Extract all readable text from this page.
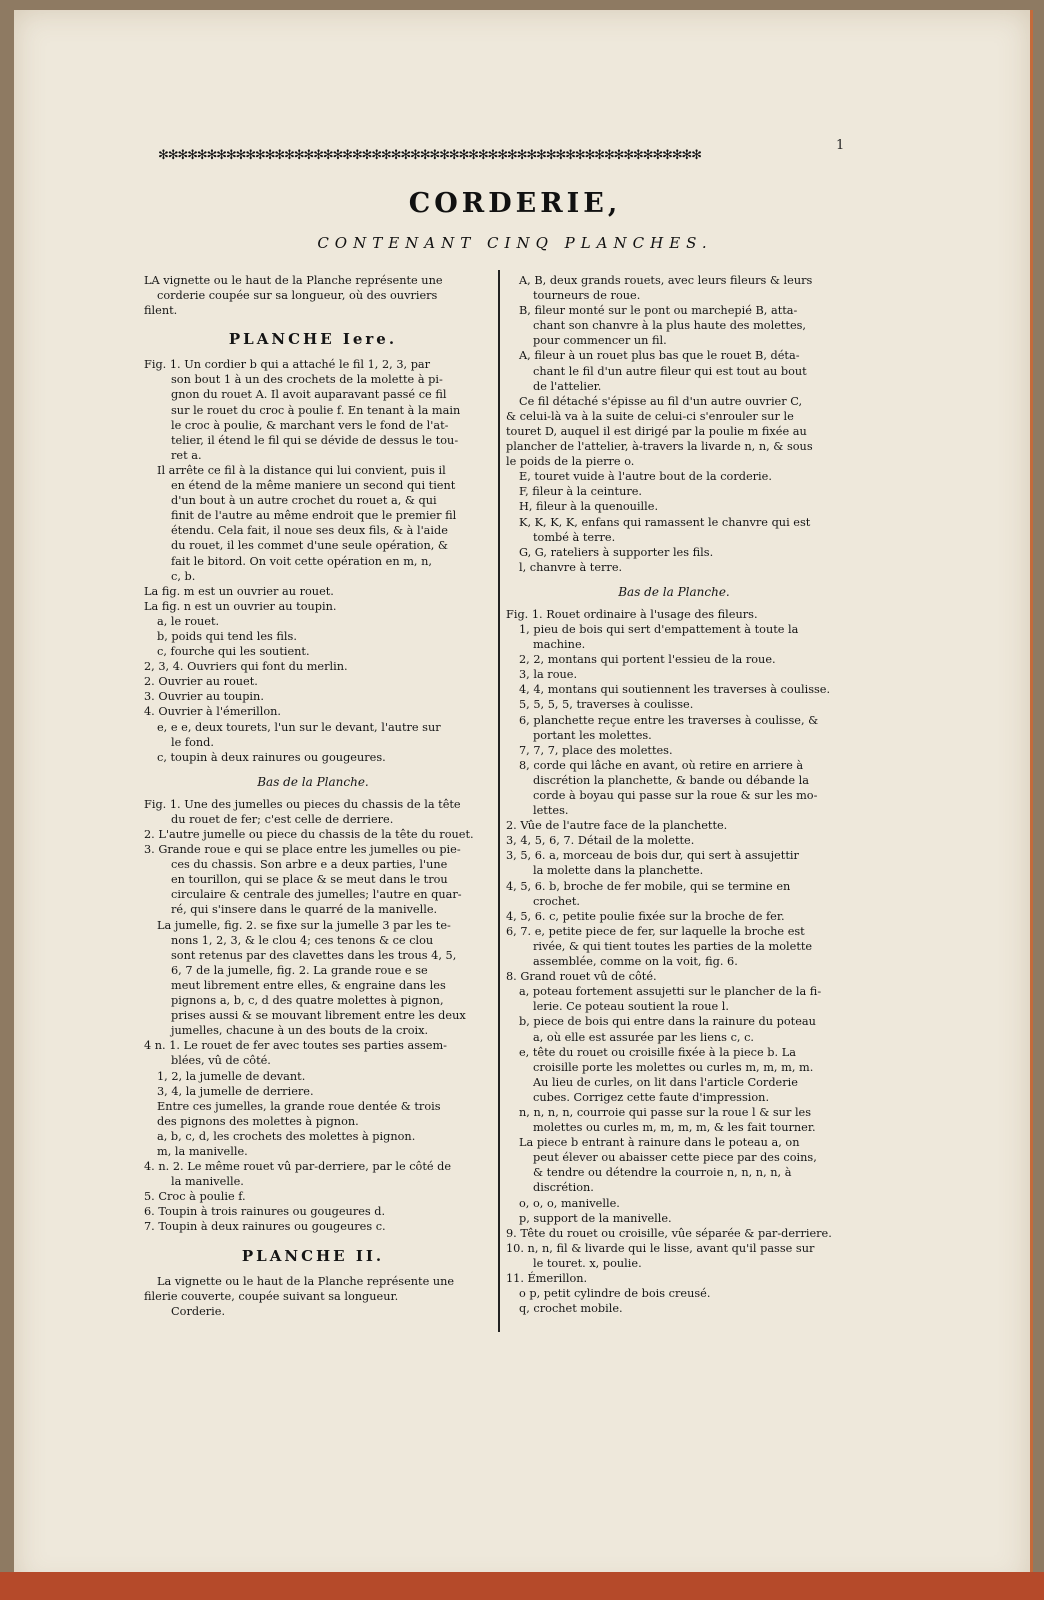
1
✻✻✻✻✻✻✻✻✻✻✻✻✻✻✻✻✻✻✻✻✻✻✻✻✻✻✻✻✻✻✻✻✻✻✻✻✻✻✻✻✻✻✻✻✻✻✻✻✻✻✻✻✻✻✻✻
CORDERIE,
CONTENANT CINQ PLANCHES.
LA vignette ou le haut de la Planche représente une
corderie coupée sur sa longueur, où des ouvriers
filent.
PLANCHE Iere.
Fig. 1. Un cordier b qui a attaché le fil 1, 2, 3, par
son bout 1 à un des crochets de la molette à pi-
gnon du rouet A. Il avoit auparavant passé ce fil
sur le rouet du croc à poulie f. En tenant à la main
le croc à poulie, & marchant vers le fond de l'at-
telier, il étend le fil qui se dévide de dessus le tou-
ret a.
Il arrête ce fil à la distance qui lui convient, puis il
en étend de la même maniere un second qui tient
d'un bout à un autre crochet du rouet a, & qui
finit de l'autre au même endroit que le premier fil
étendu. Cela fait, il noue ses deux fils, & à l'aide
du rouet, il les commet d'une seule opération, &
fait le bitord. On voit cette opération en m, n,
c, b.
La fig. m est un ouvrier au rouet.
La fig. n est un ouvrier au toupin.
a, le rouet.
b, poids qui tend les fils.
c, fourche qui les soutient.
2, 3, 4. Ouvriers qui font du merlin.
2. Ouvrier au rouet.
3. Ouvrier au toupin.
4. Ouvrier à l'émerillon.
e, e e, deux tourets, l'un sur le devant, l'autre sur
le fond.
c, toupin à deux rainures ou gougeures.
Bas de la Planche.
Fig. 1. Une des jumelles ou pieces du chassis de la tête
du rouet de fer; c'est celle de derriere.
2. L'autre jumelle ou piece du chassis de la tête du rouet.
3. Grande roue e qui se place entre les jumelles ou pie-
ces du chassis. Son arbre e a deux parties, l'une
en tourillon, qui se place & se meut dans le trou
circulaire & centrale des jumelles; l'autre en quar-
ré, qui s'insere dans le quarré de la manivelle.
La jumelle, fig. 2. se fixe sur la jumelle 3 par les te-
nons 1, 2, 3, & le clou 4; ces tenons & ce clou
sont retenus par des clavettes dans les trous 4, 5,
6, 7 de la jumelle, fig. 2. La grande roue e se
meut librement entre elles, & engraine dans les
pignons a, b, c, d des quatre molettes à pignon,
prises aussi & se mouvant librement entre les deux
jumelles, chacune à un des bouts de la croix.
4 n. 1. Le rouet de fer avec toutes ses parties assem-
blées, vû de côté.
1, 2, la jumelle de devant.
3, 4, la jumelle de derriere.
Entre ces jumelles, la grande roue dentée & trois
des pignons des molettes à pignon.
a, b, c, d, les crochets des molettes à pignon.
m, la manivelle.
4. n. 2. Le même rouet vû par-derriere, par le côté de
la manivelle.
5. Croc à poulie f.
6. Toupin à trois rainures ou gougeures d.
7. Toupin à deux rainures ou gougeures c.
PLANCHE II.
La vignette ou le haut de la Planche représente une
filerie couverte, coupée suivant sa longueur.
Corderie.
A, B, deux grands rouets, avec leurs fileurs & leurs
tourneurs de roue.
B, fileur monté sur le pont ou marchepié B, atta-
chant son chanvre à la plus haute des molettes,
pour commencer un fil.
A, fileur à un rouet plus bas que le rouet B, déta-
chant le fil d'un autre fileur qui est tout au bout
de l'attelier.
Ce fil détaché s'épisse au fil d'un autre ouvrier C,
& celui-là va à la suite de celui-ci s'enrouler sur le
touret D, auquel il est dirigé par la poulie m fixée au
plancher de l'attelier, à-travers la livarde n, n, & sous
le poids de la pierre o.
E, touret vuide à l'autre bout de la corderie.
F, fileur à la ceinture.
H, fileur à la quenouille.
K, K, K, K, enfans qui ramassent le chanvre qui est
tombé à terre.
G, G, rateliers à supporter les fils.
l, chanvre à terre.
Bas de la Planche.
Fig. 1. Rouet ordinaire à l'usage des fileurs.
1, pieu de bois qui sert d'empattement à toute la
machine.
2, 2, montans qui portent l'essieu de la roue.
3, la roue.
4, 4, montans qui soutiennent les traverses à coulisse.
5, 5, 5, 5, traverses à coulisse.
6, planchette reçue entre les traverses à coulisse, &
portant les molettes.
7, 7, 7, place des molettes.
8, corde qui lâche en avant, où retire en arriere à
discrétion la planchette, & bande ou débande la
corde à boyau qui passe sur la roue & sur les mo-
lettes.
2. Vûe de l'autre face de la planchette.
3, 4, 5, 6, 7. Détail de la molette.
3, 5, 6. a, morceau de bois dur, qui sert à assujettir
la molette dans la planchette.
4, 5, 6. b, broche de fer mobile, qui se termine en
crochet.
4, 5, 6. c, petite poulie fixée sur la broche de fer.
6, 7. e, petite piece de fer, sur laquelle la broche est
rivée, & qui tient toutes les parties de la molette
assemblée, comme on la voit, fig. 6.
8. Grand rouet vû de côté.
a, poteau fortement assujetti sur le plancher de la fi-
lerie. Ce poteau soutient la roue l.
b, piece de bois qui entre dans la rainure du poteau
a, où elle est assurée par les liens c, c.
e, tête du rouet ou croisille fixée à la piece b. La
croisille porte les molettes ou curles m, m, m, m.
Au lieu de curles, on lit dans l'article Corderie
cubes. Corrigez cette faute d'impression.
n, n, n, n, courroie qui passe sur la roue l & sur les
molettes ou curles m, m, m, m, & les fait tourner.
La piece b entrant à rainure dans le poteau a, on
peut élever ou abaisser cette piece par des coins,
& tendre ou détendre la courroie n, n, n, n, à
discrétion.
o, o, o, manivelle.
p, support de la manivelle.
9. Tête du rouet ou croisille, vûe séparée & par-derriere.
10. n, n, fil & livarde qui le lisse, avant qu'il passe sur
le touret. x, poulie.
11. Émerillon.
o p, petit cylindre de bois creusé.
q, crochet mobile.
